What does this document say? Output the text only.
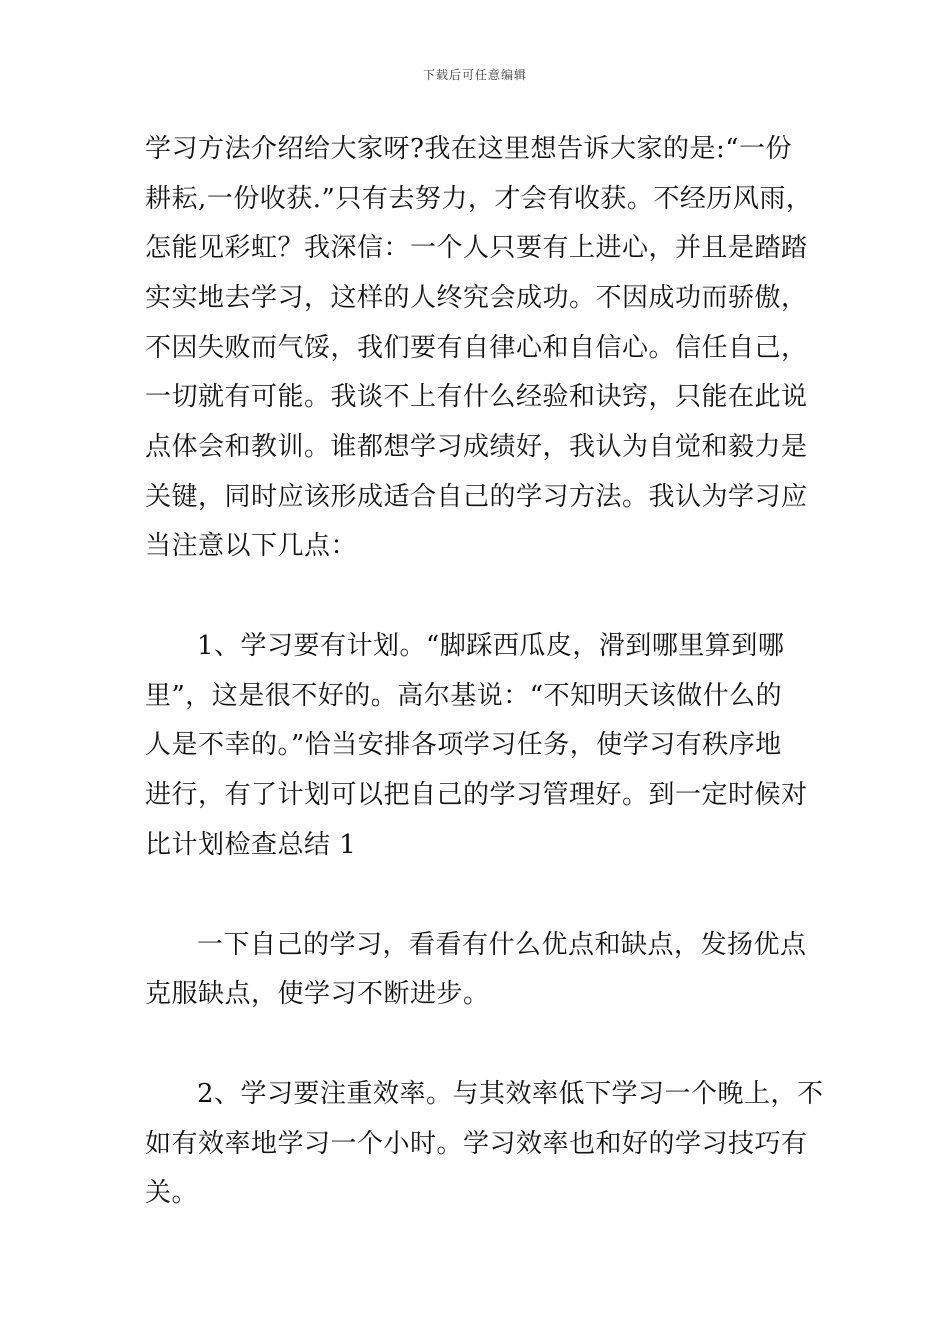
下载后可任意编辑
学习方法介绍给大家呀?我在这里想告诉大家的是:“一份
耕耘,一份收获.”只有去努力，才会有收获。不经历风雨，
怎能见彩虹？我深信：一个人只要有上进心，并且是踏踏
实实地去学习，这样的人终究会成功。不因成功而骄傲，
不因失败而气馁，我们要有自律心和自信心。信任自己，
一切就有可能。我谈不上有什么经验和诀窍，只能在此说
点体会和教训。谁都想学习成绩好，我认为自觉和毅力是
关键，同时应该形成适合自己的学习方法。我认为学习应
当注意以下几点：
1、学习要有计划。“脚踩西瓜皮，滑到哪里算到哪
里”，这是很不好的。高尔基说：“不知明天该做什么的
人是不幸的。”恰当安排各项学习任务，使学习有秩序地
进行，有了计划可以把自己的学习管理好。到一定时候对
比计划检查总结 1
一下自己的学习，看看有什么优点和缺点，发扬优点
克服缺点，使学习不断进步。
2、学习要注重效率。与其效率低下学习一个晚上，不
如有效率地学习一个小时。学习效率也和好的学习技巧有
关。
